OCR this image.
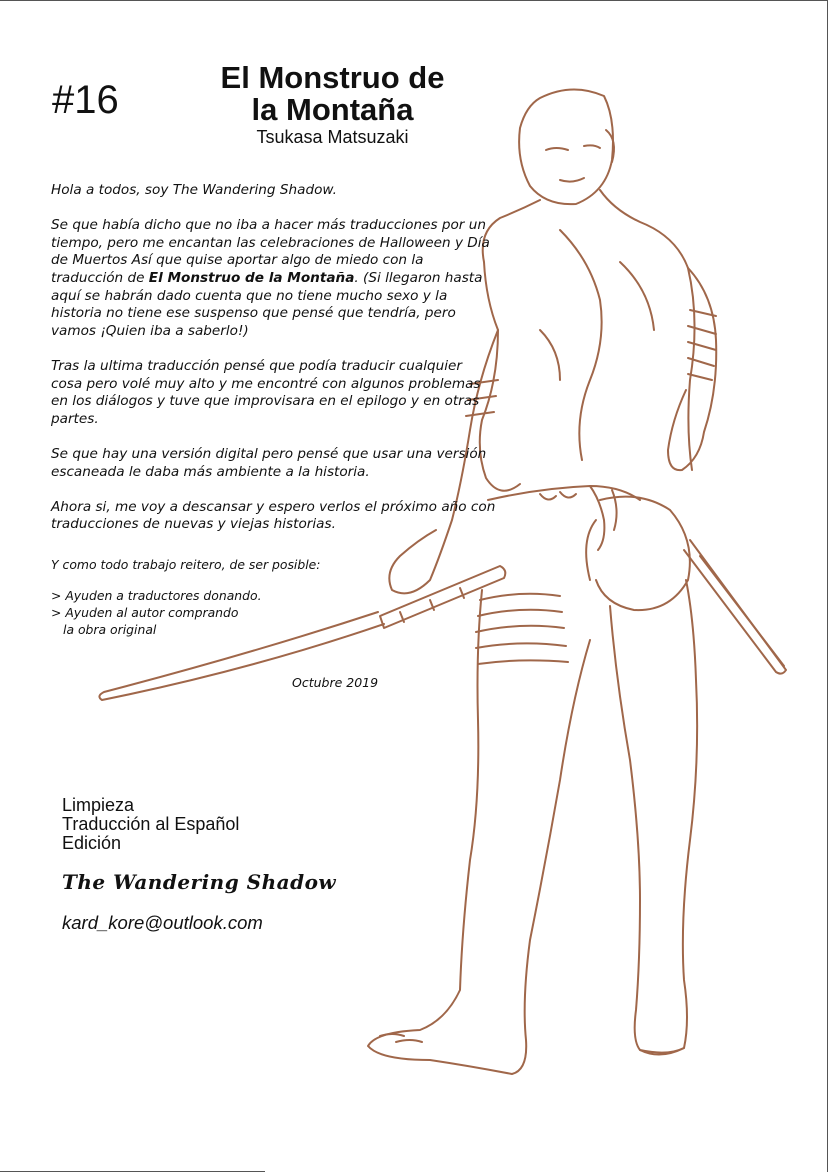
#16
El Monstruo de
la Montaña
Tsukasa Matsuzaki

Hola a todos, soy The Wandering Shadow.

Se que había dicho que no iba a hacer más traducciones por un tiempo, pero me encantan las celebraciones de Halloween y Día de Muertos Así que quise aportar algo de miedo con la traducción de El Monstruo de la Montaña. (Si llegaron hasta aquí se habrán dado cuenta que no tiene mucho sexo y la historia no tiene ese suspenso que pensé que tendría, pero vamos ¡Quien iba a saberlo!)

Tras la ultima traducción pensé que podía traducir cualquier cosa pero volé muy alto y me encontré con algunos problemas en los diálogos y tuve que improvisara en el epilogo y en otras partes.

Se que hay una versión digital pero pensé que usar una versión escaneada le daba más ambiente a la historia.

Ahora si, me voy a descansar y espero verlos el próximo año con traducciones de nuevas y viejas historias.

Y como todo trabajo reitero, de ser posible:

> Ayuden a traductores donando.
> Ayuden al autor comprando
la obra original
Octubre 2019
Limpieza
Traducción al Español
Edición
The Wandering Shadow
kard_kore@outlook.com
